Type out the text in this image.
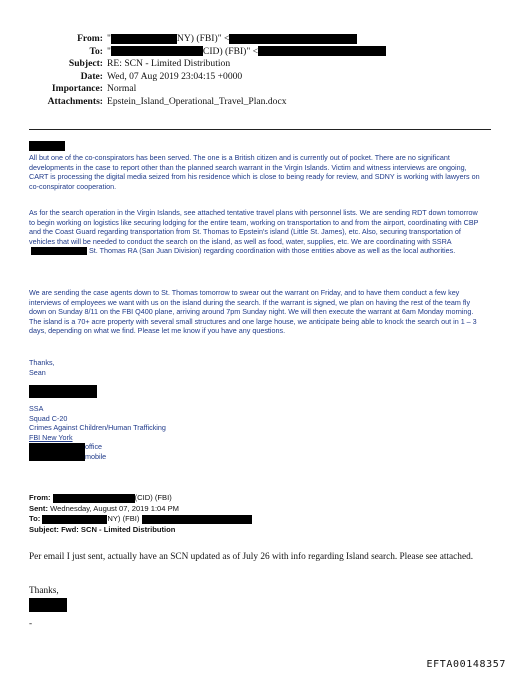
From: "	NY) (FBI)" <
To: "	CID) (FBI)" <
Subject: RE: SCN - Limited Distribution
Date: Wed, 07 Aug 2019 23:04:15 +0000
Importance: Normal
Attachments: Epstein_Island_Operational_Travel_Plan.docx

All but one of the co-conspirators has been served. The one is a British citizen and is currently out of pocket. There are no significant developments in the case to report other than the planned search warrant in the Virgin Islands. Victim and witness interviews are ongoing, CART is processing the digital media seized from his residence which is close to being ready for review, and SDNY is working with lawyers on co-conspirator cooperation.

As for the search operation in the Virgin Islands, see attached tentative travel plans with personnel lists. We are sending RDT down tomorrow to begin working on logistics like securing lodging for the entire team, working on transportation to and from the airport, coordinating with CBP and the Coast Guard regarding transportation from St. Thomas to Epstein's island (Little St. James), etc. Also, securing transportation of vehicles that will be needed to conduct the search on the island, as well as food, water, supplies, etc. We are coordinating with SSRASt. Thomas RA (San Juan Division) regarding coordination with those entities above as well as the local authorities.

We are sending the case agents down to St. Thomas tomorrow to swear out the warrant on Friday, and to have them conduct a few key interviews of employees we want with us on the island during the search. If the warrant is signed, we plan on having the rest of the team fly down on Sunday 8/11 on the FBI Q400 plane, arriving around 7pm Sunday night. We will then execute the warrant at 6am Monday morning. The island is a 70+ acre property with several small structures and one large house, we anticipate being able to knock the search out in 1 – 3 days, depending on what we find. Please let me know if you have any questions.

Thanks,
Sean
SSA
Squad C-20
Crimes Against Children/Human Trafficking
FBI New York
office
mobile
From:	(CID) (FBI)
Sent: Wednesday, August 07, 2019 1:04 PM
To:	NY) (FBI)
Subject: Fwd: SCN - Limited Distribution

Per email I just sent, actually have an SCN updated as of July 26 with info regarding Island search. Please see attached.

Thanks,
-
EFTA00148357
